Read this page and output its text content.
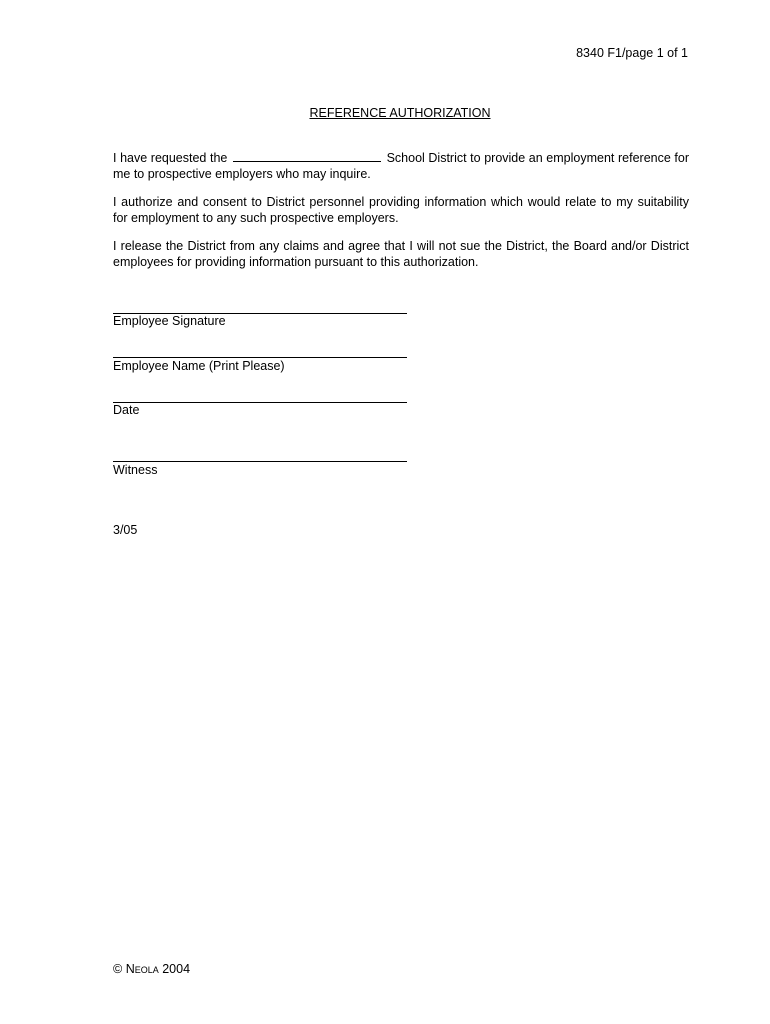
8340 F1/page 1 of 1
REFERENCE AUTHORIZATION

I have requested the	School District to provide an employment reference for me to prospective employers who may inquire.

I authorize and consent to District personnel providing information which would relate to my suitability for employment to any such prospective employers.

I release the District from any claims and agree that I will not sue the District, the Board and/or District employees for providing information pursuant to this authorization.

Employee Signature
Employee Name (Print Please)
Date
Witness
3/05
© Neola 2004
